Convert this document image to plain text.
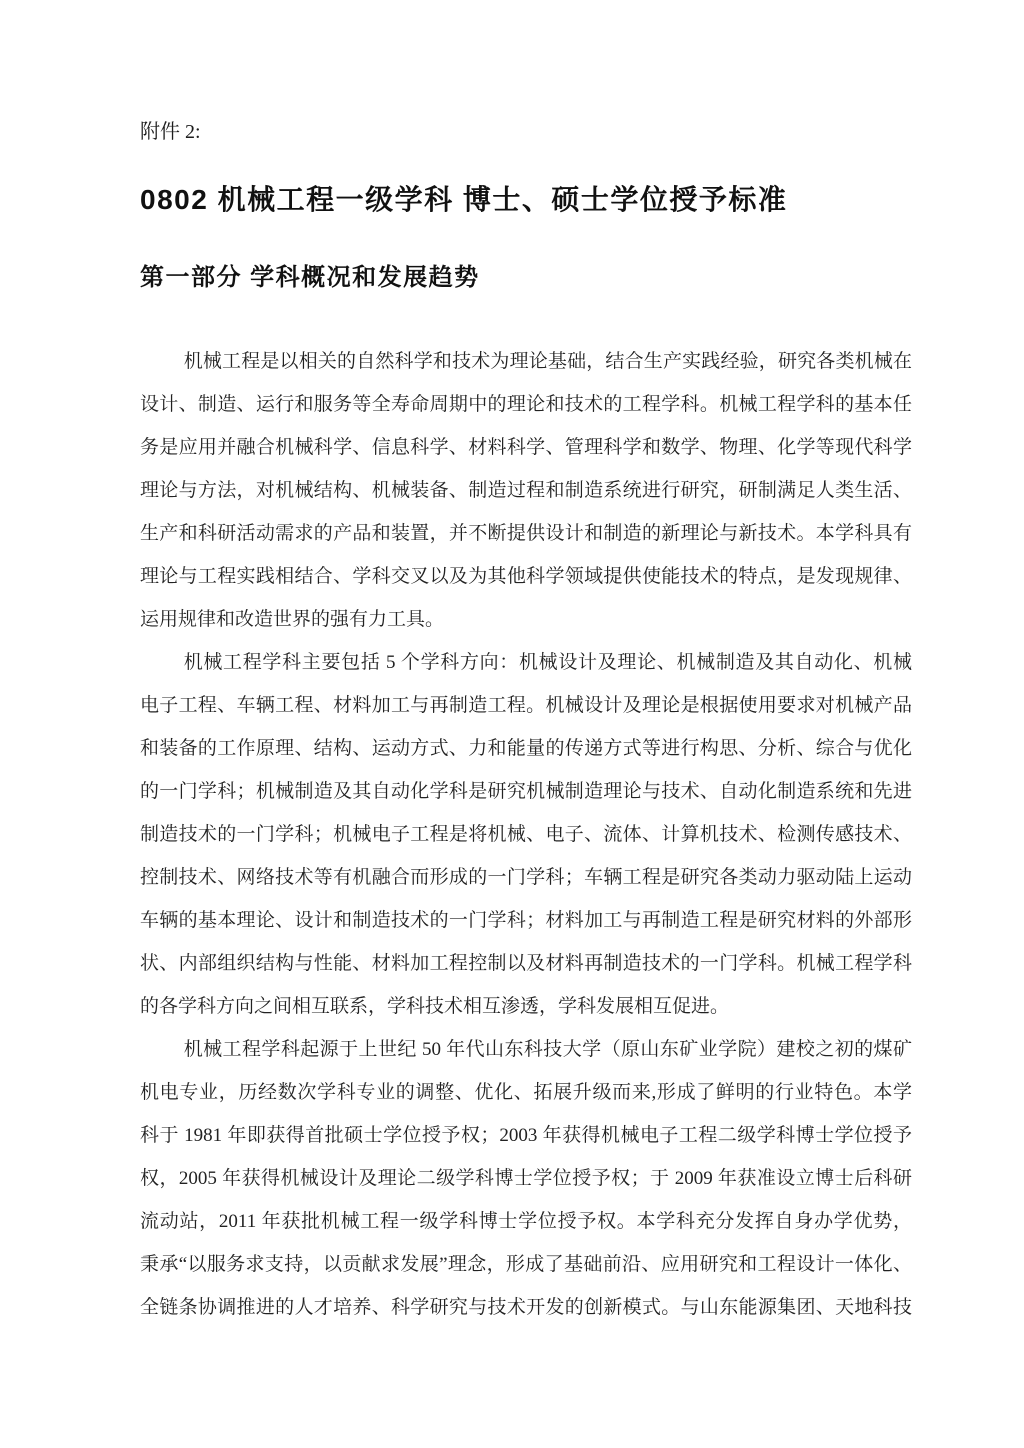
附件 2:
0802 机械工程一级学科 博士、硕士学位授予标准
第一部分 学科概况和发展趋势
机械工程是以相关的自然科学和技术为理论基础，结合生产实践经验，研究各类机械在
设计、制造、运行和服务等全寿命周期中的理论和技术的工程学科。机械工程学科的基本任
务是应用并融合机械科学、信息科学、材料科学、管理科学和数学、物理、化学等现代科学
理论与方法，对机械结构、机械装备、制造过程和制造系统进行研究，研制满足人类生活、
生产和科研活动需求的产品和装置，并不断提供设计和制造的新理论与新技术。本学科具有
理论与工程实践相结合、学科交叉以及为其他科学领域提供使能技术的特点，是发现规律、
运用规律和改造世界的强有力工具。
机械工程学科主要包括 5 个学科方向：机械设计及理论、机械制造及其自动化、机械
电子工程、车辆工程、材料加工与再制造工程。机械设计及理论是根据使用要求对机械产品
和装备的工作原理、结构、运动方式、力和能量的传递方式等进行构思、分析、综合与优化
的一门学科；机械制造及其自动化学科是研究机械制造理论与技术、自动化制造系统和先进
制造技术的一门学科；机械电子工程是将机械、电子、流体、计算机技术、检测传感技术、
控制技术、网络技术等有机融合而形成的一门学科；车辆工程是研究各类动力驱动陆上运动
车辆的基本理论、设计和制造技术的一门学科；材料加工与再制造工程是研究材料的外部形
状、内部组织结构与性能、材料加工程控制以及材料再制造技术的一门学科。机械工程学科
的各学科方向之间相互联系，学科技术相互渗透，学科发展相互促进。
机械工程学科起源于上世纪 50 年代山东科技大学（原山东矿业学院）建校之初的煤矿
机电专业，历经数次学科专业的调整、优化、拓展升级而来,形成了鲜明的行业特色。本学
科于 1981 年即获得首批硕士学位授予权；2003 年获得机械电子工程二级学科博士学位授予
权，2005 年获得机械设计及理论二级学科博士学位授予权；于 2009 年获准设立博士后科研
流动站，2011 年获批机械工程一级学科博士学位授予权。本学科充分发挥自身办学优势，
秉承“以服务求支持，以贡献求发展”理念，形成了基础前沿、应用研究和工程设计一体化、
全链条协调推进的人才培养、科学研究与技术开发的创新模式。与山东能源集团、天地科技
